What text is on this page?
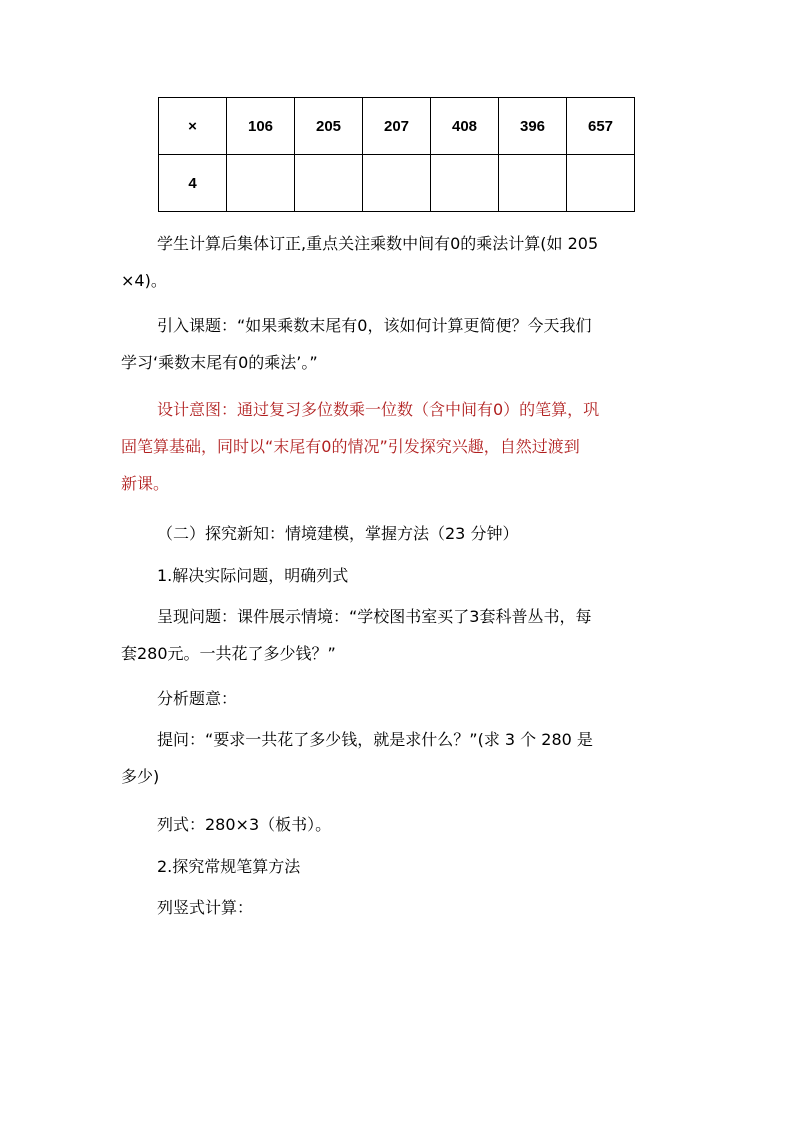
×	106	205	207	408	396	657
4						

学生计算后集体订正,重点关注乘数中间有0的乘法计算(如 205
×4)。

引入课题：“如果乘数末尾有0，该如何计算更简便？今天我们
学习‘乘数末尾有0的乘法’。”

设计意图：通过复习多位数乘一位数（含中间有0）的笔算，巩
固笔算基础，同时以“末尾有0的情况”引发探究兴趣，自然过渡到
新课。

（二）探究新知：情境建模，掌握方法（23 分钟）

1.解决实际问题，明确列式

呈现问题：课件展示情境：“学校图书室买了3套科普丛书，每
套280元。一共花了多少钱？”

分析题意：

提问：“要求一共花了多少钱，就是求什么？”(求 3 个 280 是
多少)

列式：280×3（板书）。

2.探究常规笔算方法

列竖式计算：
